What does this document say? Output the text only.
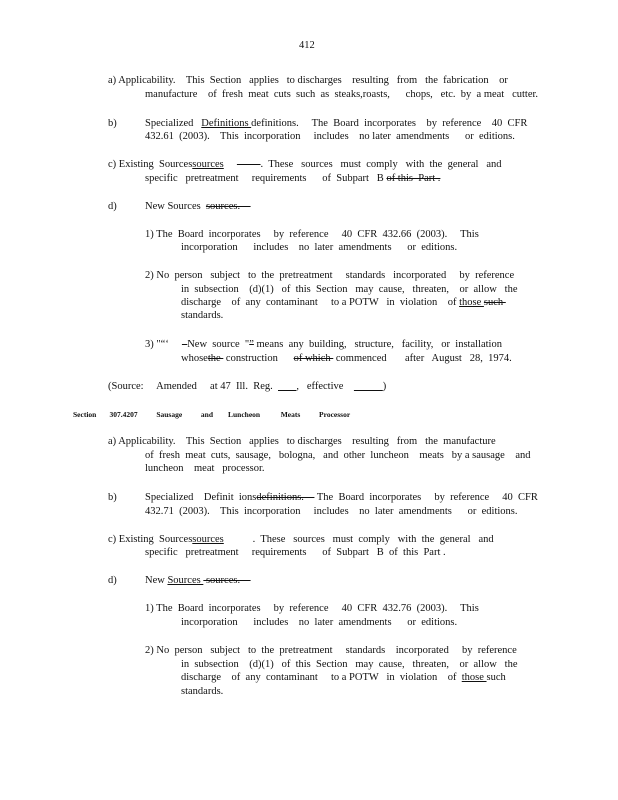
412
a) Applicability.    This  Section   applies   to discharges    resulting   from   the  fabrication    or
manufacture    of  fresh  meat  cuts  such  as  steaks,roasts,      chops,   etc.  by  a meat   cutter.
b)	Specialized   Definitions definitions.     The  Board  incorporates    by  reference    40  CFR
432.61  (2003).    This  incorporation     includes    no later  amendments      or  editions.
c) Existing  Sourcessources	.  These   sources   must  comply   with  the  general   and
specific   pretreatment     requirements      of  Subpart   B of this  Part .
d)	New Sources  sources.
1) The  Board  incorporates     by  reference     40  CFR  432.66  (2003).     This
incorporation      includes    no  later  amendments      or  editions.
2) No  person   subject   to  the  pretreatment     standards   incorporated     by  reference
in  subsection    (d)(1)   of  this  Section   may  cause,   threaten,    or  allow   the
discharge    of  any  contaminant     to a POTW   in  violation    of those such
standards.
3) "“‘     –New  source  "” means  any  building,   structure,   facility,   or  installation
whosethe  construction      of which  commenced       after   August   28,  1974.
(Source:     Amended     at 47  Ill.  Reg.         ,   effective	)
Section       307.4207          Sausage          and        Luncheon           Meats          Processor
a) Applicability.    This  Section   applies   to discharges    resulting   from   the  manufacture
of  fresh  meat  cuts,  sausage,   bologna,   and  other  luncheon    meats   by a sausage    and
luncheon    meat   processor.
b)	Specialized    Definit  ionsdefinitions.     The  Board  incorporates     by  reference     40  CFR
432.71  (2003).    This  incorporation     includes    no  later  amendments      or  editions.
c) Existing  Sourcessources           .  These   sources   must  comply   with  the  general   and
specific   pretreatment     requirements      of  Subpart   B  of  this  Part .
d)	New Sources  sources.
1) The  Board  incorporates     by  reference     40  CFR  432.76  (2003).     This
incorporation      includes    no  later  amendments      or  editions.
2) No  person   subject   to  the  pretreatment     standards    incorporated     by  reference
in  subsection    (d)(1)   of  this  Section   may  cause,   threaten,    or  allow   the
discharge    of  any  contaminant     to a POTW   in  violation    of  those such
standards.
